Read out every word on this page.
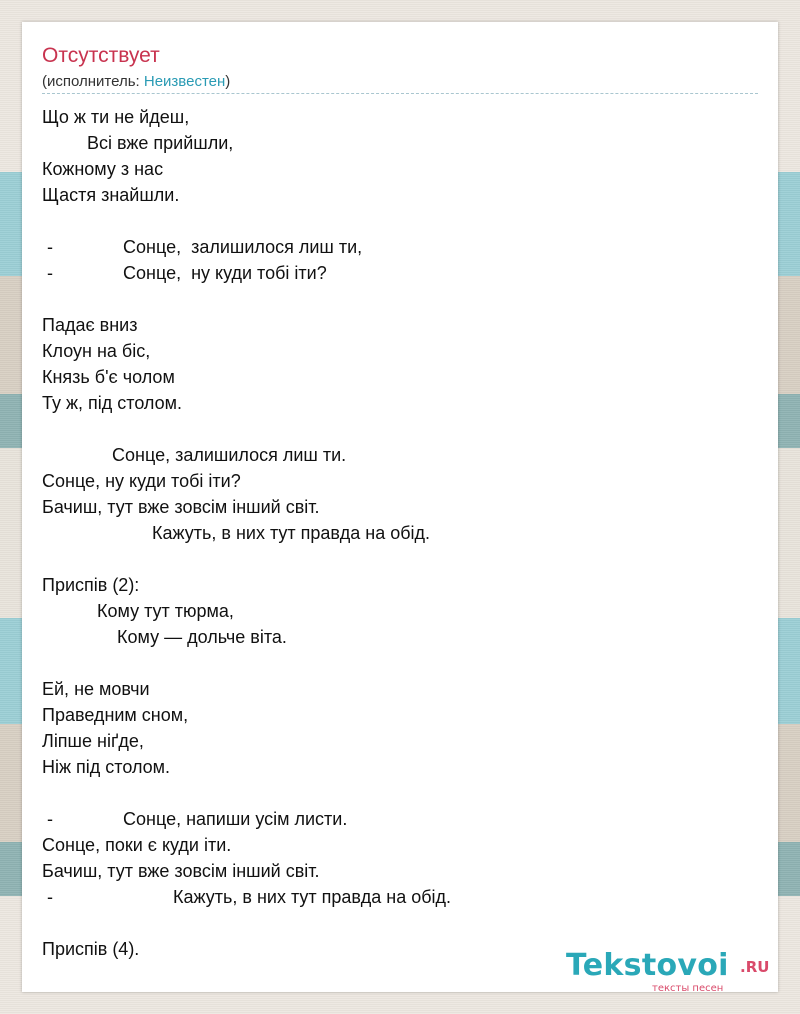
Отсутствует
(исполнитель: Неизвестен)
Що ж ти не йдеш,
Всі вже прийшли,
Кожному з нас
Щастя знайшли.
-              Сонце,  залишилося лиш ти,
-              Сонце,  ну куди тобі іти?
Падає вниз
Клоун на біс,
Князь б'є чолом
Ту ж, під столом.
Сонце, залишилося лиш ти.
Сонце, ну куди тобі іти?
Бачиш, тут вже зовсім інший світ.
Кажуть, в них тут правда на обід.
Приспів (2):
Кому тут тюрма,
Кому — дольче віта.
Ей, не мовчи
Праведним сном,
Ліпше ніґде,
Ніж під столом.
-              Сонце, напиши усім листи.
Сонце, поки є куди іти.
Бачиш, тут вже зовсім інший світ.
-                        Кажуть, в них тут правда на обід.
Приспів (4).	Tekstovoi .RU
тексты песен
